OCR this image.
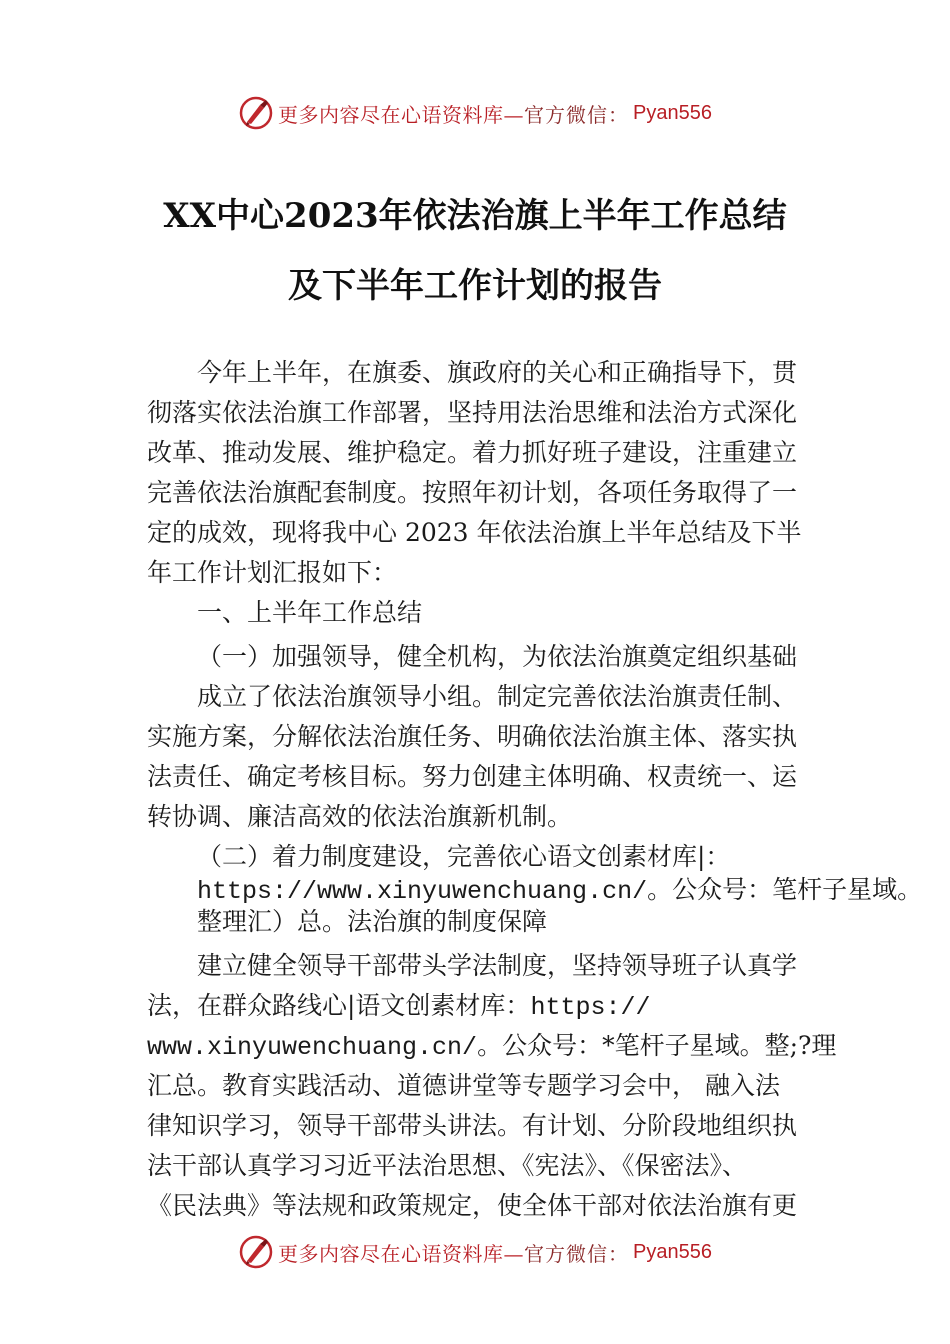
更多内容尽在心语资料库— 官方微信： Pyan556
XX中心2023年依法治旗上半年工作总结
及下半年工作计划的报告
今年上半年，在旗委、旗政府的关心和正确指导下，贯
彻落实依法治旗工作部署，坚持用法治思维和法治方式深化
改革、推动发展、维护稳定。着力抓好班子建设，注重建立
完善依法治旗配套制度。按照年初计划，各项任务取得了一
定的成效，现将我中心 2023 年依法治旗上半年总结及下半
年工作计划汇报如下：
一、上半年工作总结
（一）加强领导，健全机构，为依法治旗奠定组织基础
成立了依法治旗领导小组。制定完善依法治旗责任制、
实施方案，分解依法治旗任务、明确依法治旗主体、落实执
法责任、确定考核目标。努力创建主体明确、权责统一、运
转协调、廉洁高效的依法治旗新机制。
（二）着力制度建设，完善依心语文创素材库|：
https://www.xinyuwenchuang.cn/。公众号：笔杆子星域。
整理汇）总。法治旗的制度保障
建立健全领导干部带头学法制度，坚持领导班子认真学
法，在群众路线心|语文创素材库：https://
www.xinyuwenchuang.cn/。公众号：*笔杆子星域。整;?理
汇总。教育实践活动、道德讲堂等专题学习会中， 融入法
律知识学习，领导干部带头讲法。有计划、分阶段地组织执
法干部认真学习习近平法治思想、《宪法》、《保密法》、
《民法典》等法规和政策规定，使全体干部对依法治旗有更
更多内容尽在心语资料库— 官方微信： Pyan556
